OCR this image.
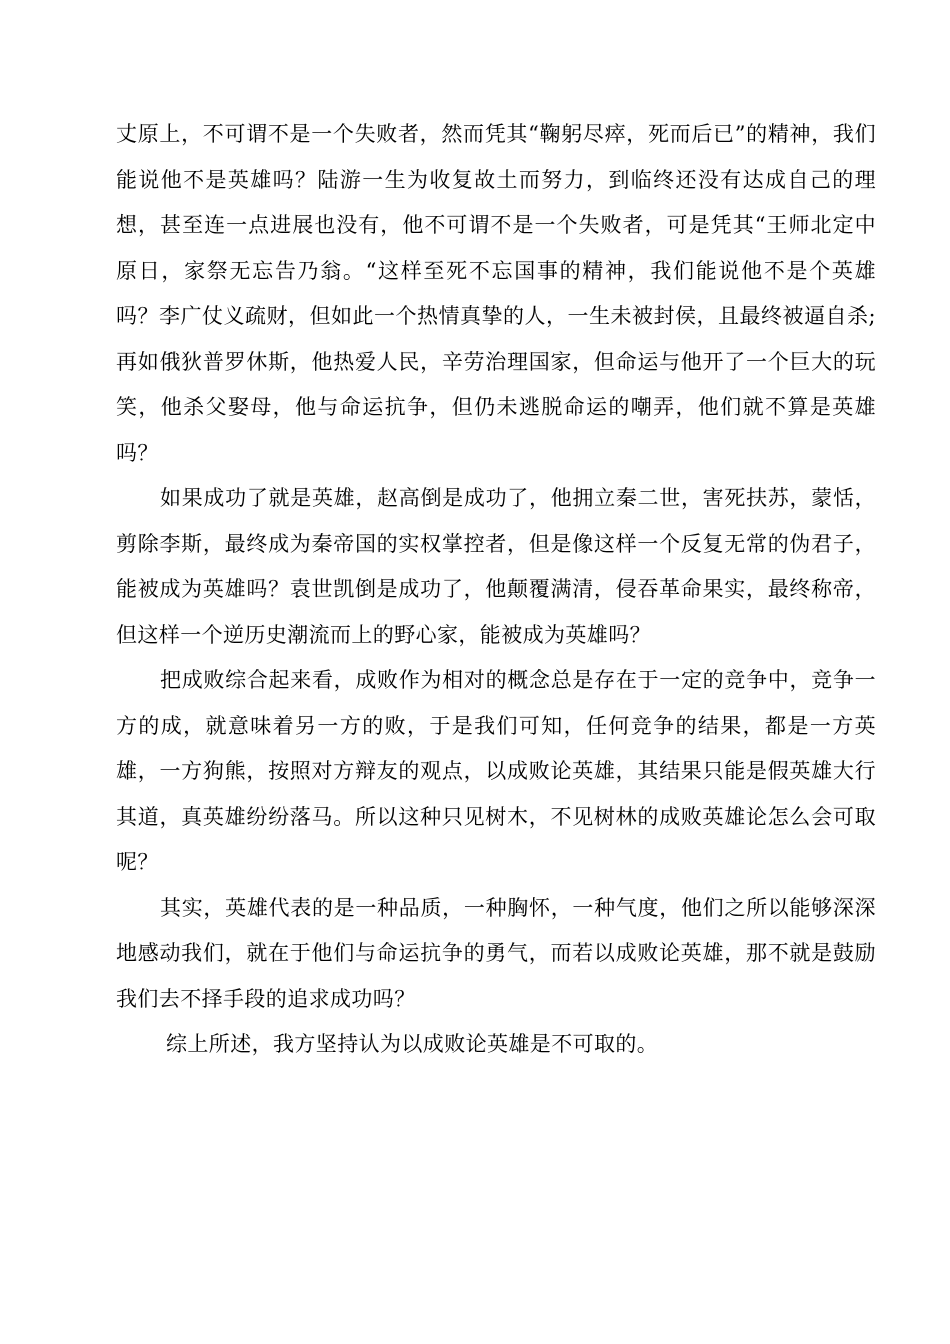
丈原上，不可谓不是一个失败者，然而凭其“鞠躬尽瘁，死而后已”的精神，我们能说他不是英雄吗？陆游一生为收复故土而努力，到临终还没有达成自己的理想，甚至连一点进展也没有，他不可谓不是一个失败者，可是凭其“王师北定中原日，家祭无忘告乃翁。“这样至死不忘国事的精神，我们能说他不是个英雄吗？李广仗义疏财，但如此一个热情真挚的人，一生未被封侯，且最终被逼自杀;再如俄狄普罗休斯，他热爱人民，辛劳治理国家，但命运与他开了一个巨大的玩笑，他杀父娶母，他与命运抗争，但仍未逃脱命运的嘲弄，他们就不算是英雄吗？

如果成功了就是英雄，赵高倒是成功了，他拥立秦二世，害死扶苏，蒙恬，剪除李斯，最终成为秦帝国的实权掌控者，但是像这样一个反复无常的伪君子，能被成为英雄吗？袁世凯倒是成功了，他颠覆满清，侵吞革命果实，最终称帝，但这样一个逆历史潮流而上的野心家，能被成为英雄吗？

把成败综合起来看，成败作为相对的概念总是存在于一定的竞争中，竞争一方的成，就意味着另一方的败，于是我们可知，任何竞争的结果，都是一方英雄，一方狗熊，按照对方辩友的观点，以成败论英雄，其结果只能是假英雄大行其道，真英雄纷纷落马。所以这种只见树木，不见树林的成败英雄论怎么会可取呢？

其实，英雄代表的是一种品质，一种胸怀，一种气度，他们之所以能够深深地感动我们，就在于他们与命运抗争的勇气，而若以成败论英雄，那不就是鼓励我们去不择手段的追求成功吗？

综上所述，我方坚持认为以成败论英雄是不可取的。
